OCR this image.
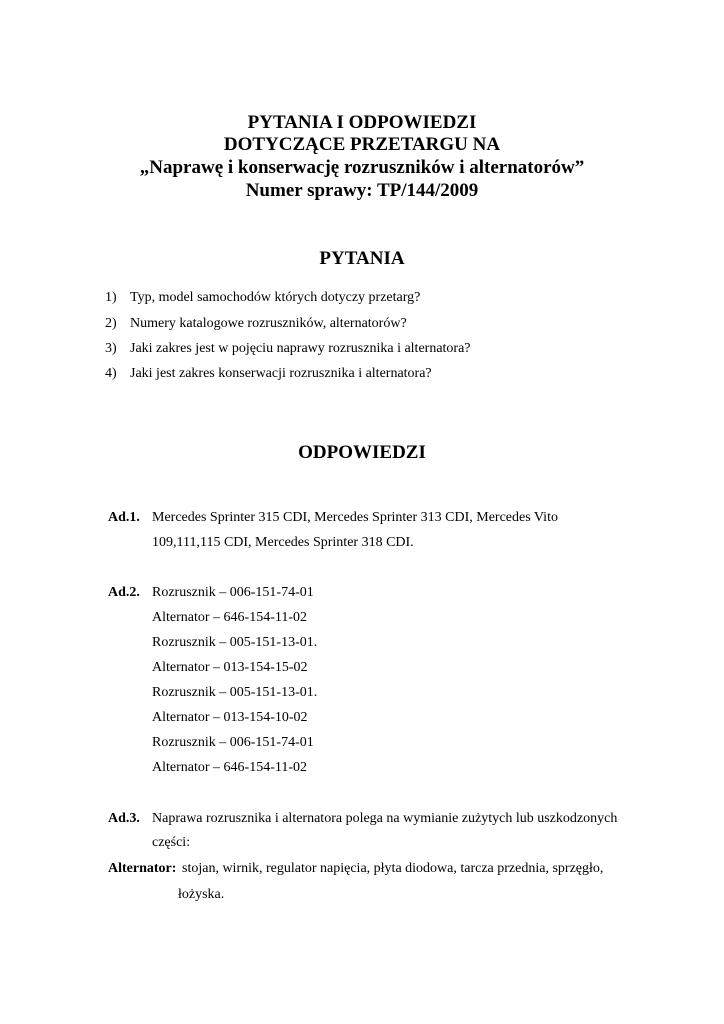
PYTANIA I ODPOWIEDZI

DOTYCZĄCE PRZETARGU NA

„Naprawę i konserwację rozruszników i alternatorów”

Numer sprawy: TP/144/2009

PYTANIA

1) Typ, model samochodów których dotyczy przetarg?
2) Numery katalogowe rozruszników, alternatorów?
3) Jaki zakres jest w pojęciu naprawy rozrusznika i alternatora?
4) Jaki jest zakres konserwacji rozrusznika i alternatora?

ODPOWIEDZI

Ad.1. Mercedes Sprinter 315 CDI, Mercedes Sprinter 313 CDI, Mercedes Vito
109,111,115 CDI, Mercedes Sprinter 318 CDI.
Ad.2. Rozrusznik – 006-151-74-01
Alternator – 646-154-11-02
Rozrusznik – 005-151-13-01.
Alternator – 013-154-15-02
Rozrusznik – 005-151-13-01.
Alternator – 013-154-10-02
Rozrusznik – 006-151-74-01
Alternator – 646-154-11-02
Ad.3. Naprawa rozrusznika i alternatora polega na wymianie zużytych lub uszkodzonych
części:
Alternator: stojan, wirnik, regulator napięcia, płyta diodowa, tarcza przednia, sprzęgło,
łożyska.
